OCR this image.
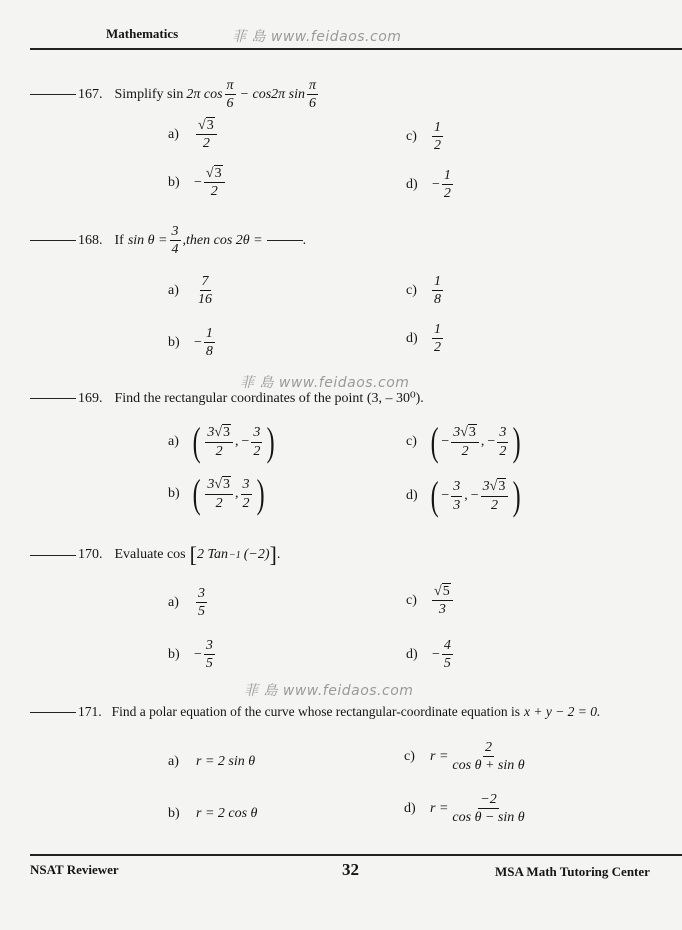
Mathematics	菲 島 www.feidaos.com
167. Simplify sin 2π $\cos \frac{\pi}{6} - \cos 2\pi$ $\sin \frac{\pi}{6}$
a)	$\frac{√3}{2}$	c)	$\frac{1}{2}$
b)	− $\frac{√3}{2}$	d)	− $\frac{1}{2}$
168. If $\sin \theta = \frac{3}{4}$ ,then cos 2θ =	.
a)	$\frac{7}{16}$	c)	$\frac{1}{8}$
b)	− $\frac{1}{8}$	d)	$\frac{1}{2}$
菲 島 www.feidaos.com
169. Find the rectangular coordinates of the point (3, – 30⁰).
a) ( $\frac{3√3}{2}$ , − $\frac{3}{2}$ )	c) ( − $\frac{3√3}{2}$ , − $\frac{3}{2}$ )
b) ( $\frac{3√3}{2}$ , $\frac{3}{2}$ )	d) ( − $\frac{3}{3}$ , − $\frac{3√3}{2}$ )
170. Evaluate cos [ 2 Tan −1 (−2) ] .
a)	$\frac{3}{5}$	c)	$\frac{√5}{3}$
b)	− $\frac{3}{5}$	d)	− $\frac{4}{5}$
菲 島 www.feidaos.com
171. Find a polar equation of the curve whose rectangular-coordinate equation is x + y − 2 = 0.
a)	r = 2 sin θ	c)	$r = \frac{2}{\text{cos θ + sin θ}}$
b)	r = 2 cos θ	d)	$r = \frac{-2}{\text{cos θ − sin θ}}$
NSAT Reviewer	32	MSA Math Tutoring Center
